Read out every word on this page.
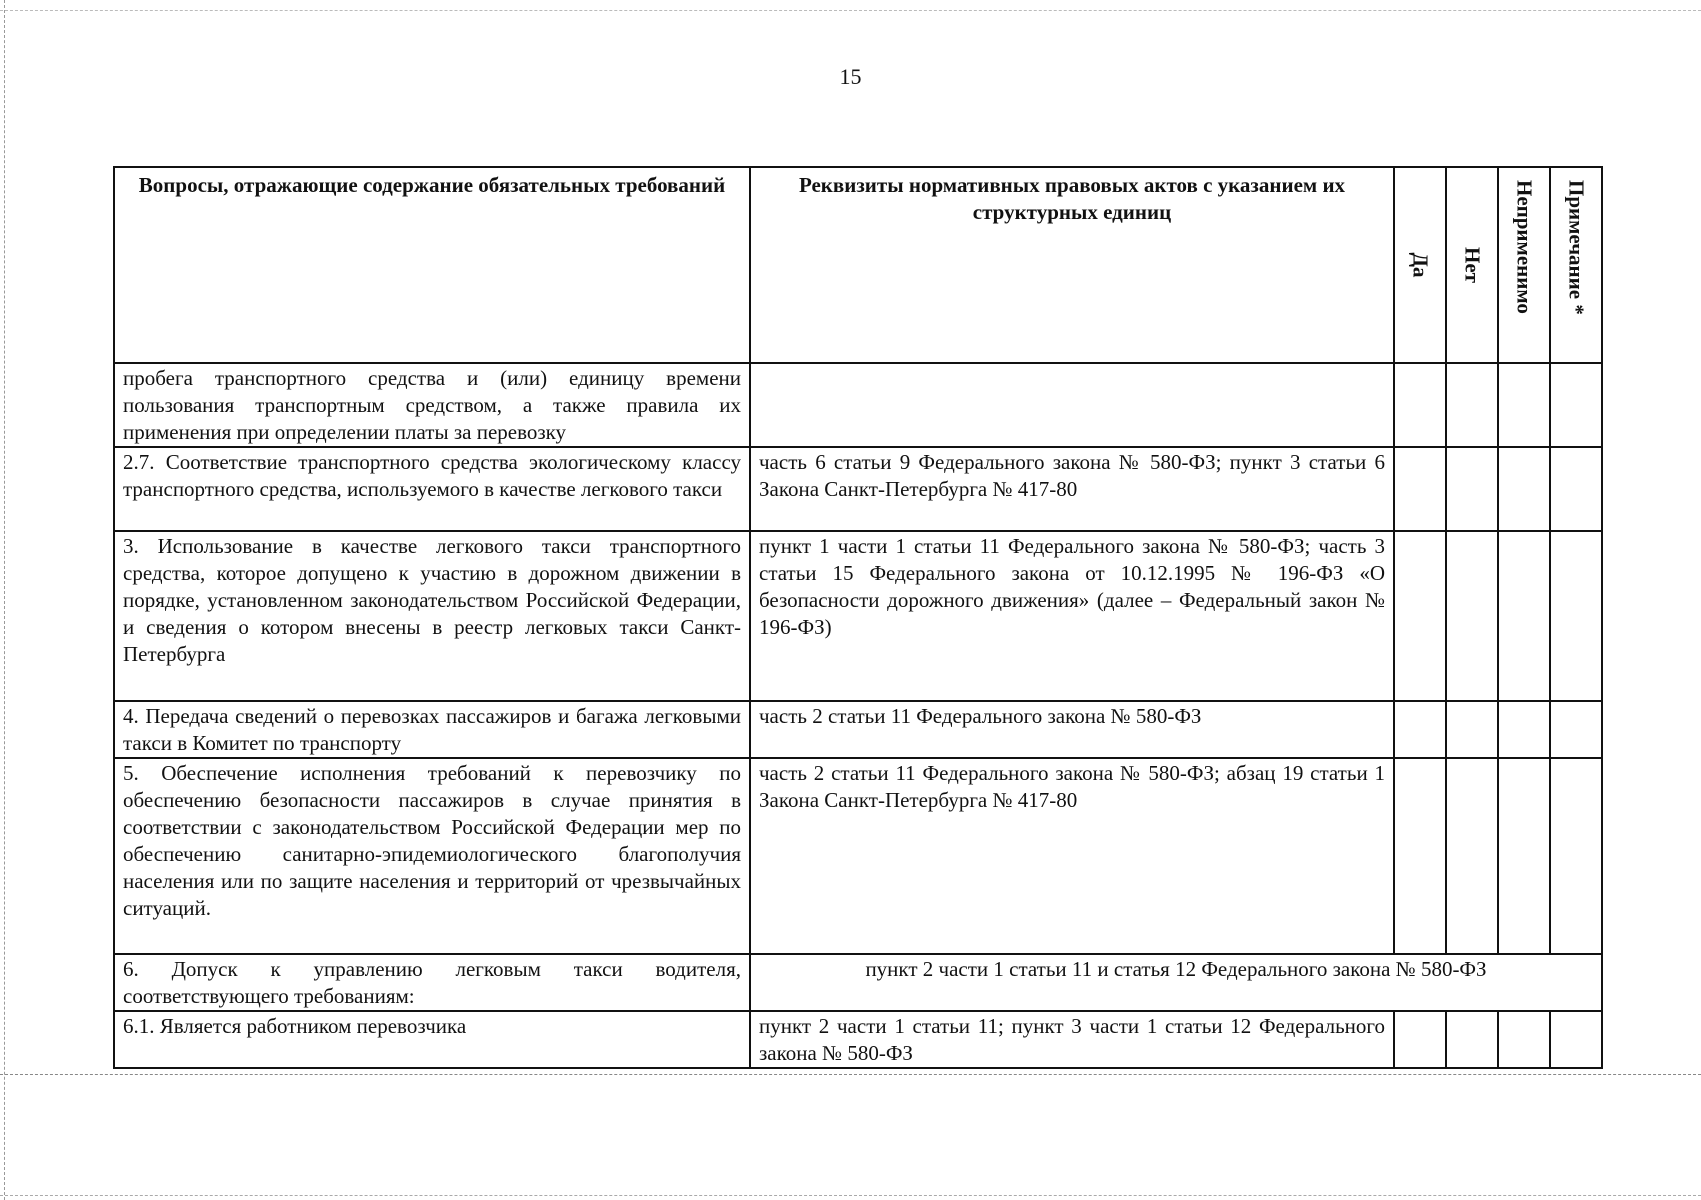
15
Вопросы, отражающие содержание обязательных требований	Реквизиты нормативных правовых актов с указанием их структурных единиц	Да	Нет	Неприменимо	Примечание *

пробега транспортного средства и (или) единицу времени пользования транспортным средством, а также правила их применения при определении платы за перевозку					
2.7. Соответствие транспортного средства экологическому классу транспортного средства, используемого в качестве легкового такси	часть 6 статьи 9 Федерального закона № 580-ФЗ; пункт 3 статьи 6 Закона Санкт-Петербурга № 417-80				
3. Использование в качестве легкового такси транспортного средства, которое допущено к участию в дорожном движении в порядке, установленном законодательством Российской Федерации, и сведения о котором внесены в реестр легковых такси Санкт-Петербурга	пункт 1 части 1 статьи 11 Федерального закона № 580-ФЗ; часть 3 статьи 15 Федерального закона от 10.12.1995 № 196-ФЗ «О безопасности дорожного движения» (далее – Федеральный закон № 196-ФЗ)				
4. Передача сведений о перевозках пассажиров и багажа легковыми такси в Комитет по транспорту	часть 2 статьи 11 Федерального закона № 580-ФЗ				
5. Обеспечение исполнения требований к перевозчику по обеспечению безопасности пассажиров в случае принятия в соответствии с законодательством Российской Федерации мер по обеспечению санитарно-эпидемиологического благополучия населения или по защите населения и территорий от чрезвычайных ситуаций.	часть 2 статьи 11 Федерального закона № 580-ФЗ; абзац 19 статьи 1 Закона Санкт-Петербурга № 417-80				
6. Допуск к управлению легковым такси водителя, соответствующего требованиям:	пункт 2 части 1 статьи 11 и статья 12 Федерального закона № 580-ФЗ				
6.1. Является работником перевозчика	пункт 2 части 1 статьи 11; пункт 3 части 1 статьи 12 Федерального закона № 580-ФЗ				
